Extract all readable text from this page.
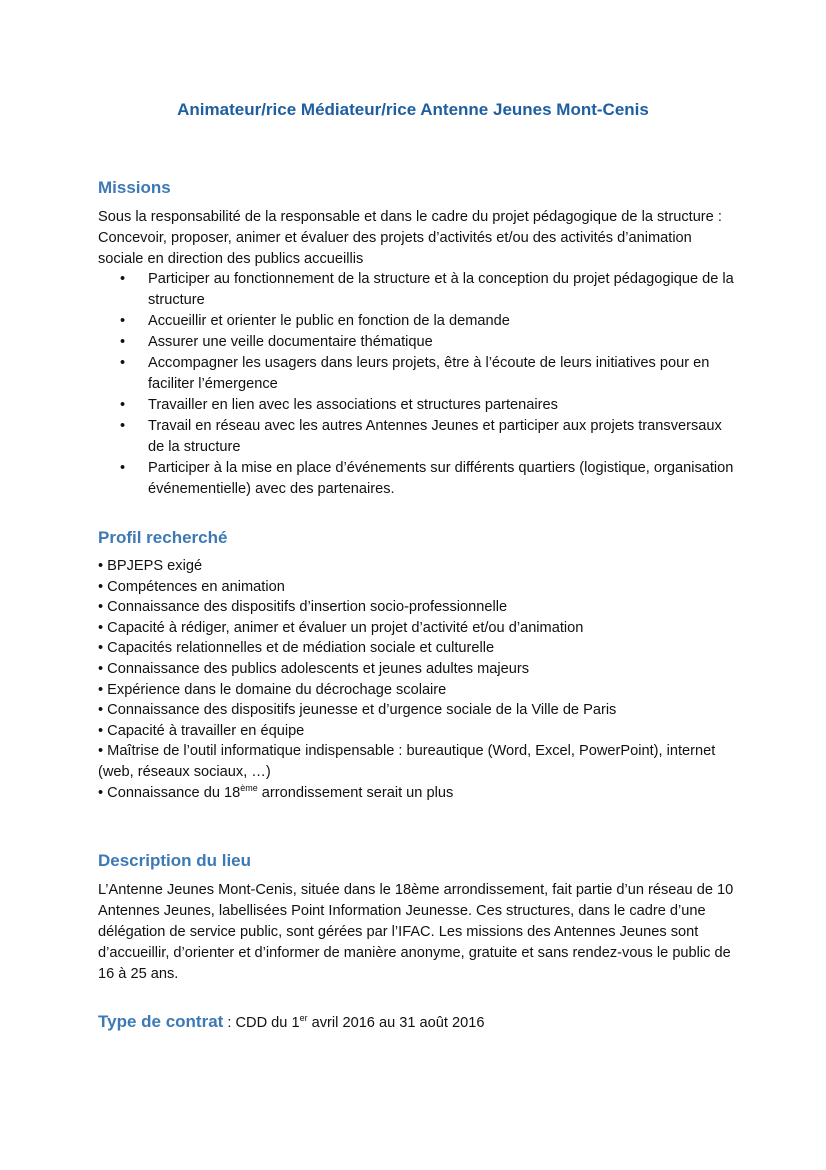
Animateur/rice Médiateur/rice Antenne Jeunes Mont-Cenis
Missions

Sous la responsabilité de la responsable et dans le cadre du projet pédagogique de la structure : Concevoir, proposer, animer et évaluer des projets d’activités et/ou des activités d’animation sociale en direction des publics accueillis

• Participer au fonctionnement de la structure et à la conception du projet pédagogique de la structure
• Accueillir et orienter le public en fonction de la demande
• Assurer une veille documentaire thématique
• Accompagner les usagers dans leurs projets, être à l’écoute de leurs initiatives pour en faciliter l’émergence
• Travailler en lien avec les associations et structures partenaires
• Travail en réseau avec les autres Antennes Jeunes et participer aux projets transversaux de la structure
• Participer à la mise en place d’événements sur différents quartiers (logistique, organisation événementielle) avec des partenaires.
Profil recherché
• BPJEPS exigé
• Compétences en animation
• Connaissance des dispositifs d’insertion socio-professionnelle
• Capacité à rédiger, animer et évaluer un projet d’activité et/ou d’animation
• Capacités relationnelles et de médiation sociale et culturelle
• Connaissance des publics adolescents et jeunes adultes majeurs
• Expérience dans le domaine du décrochage scolaire
• Connaissance des dispositifs jeunesse et d’urgence sociale de la Ville de Paris
• Capacité à travailler en équipe
• Maîtrise de l’outil informatique indispensable : bureautique (Word, Excel, PowerPoint), internet (web, réseaux sociaux, …)
• Connaissance du 18ème arrondissement serait un plus
Description du lieu

L’Antenne Jeunes Mont-Cenis, située dans le 18ème arrondissement, fait partie d’un réseau de 10 Antennes Jeunes, labellisées Point Information Jeunesse. Ces structures, dans le cadre d’une délégation de service public, sont gérées par l’IFAC. Les missions des Antennes Jeunes sont d’accueillir, d’orienter et d’informer de manière anonyme, gratuite et sans rendez-vous le public de 16 à 25 ans.

Type de contrat : CDD du 1er avril 2016 au 31 août 2016
